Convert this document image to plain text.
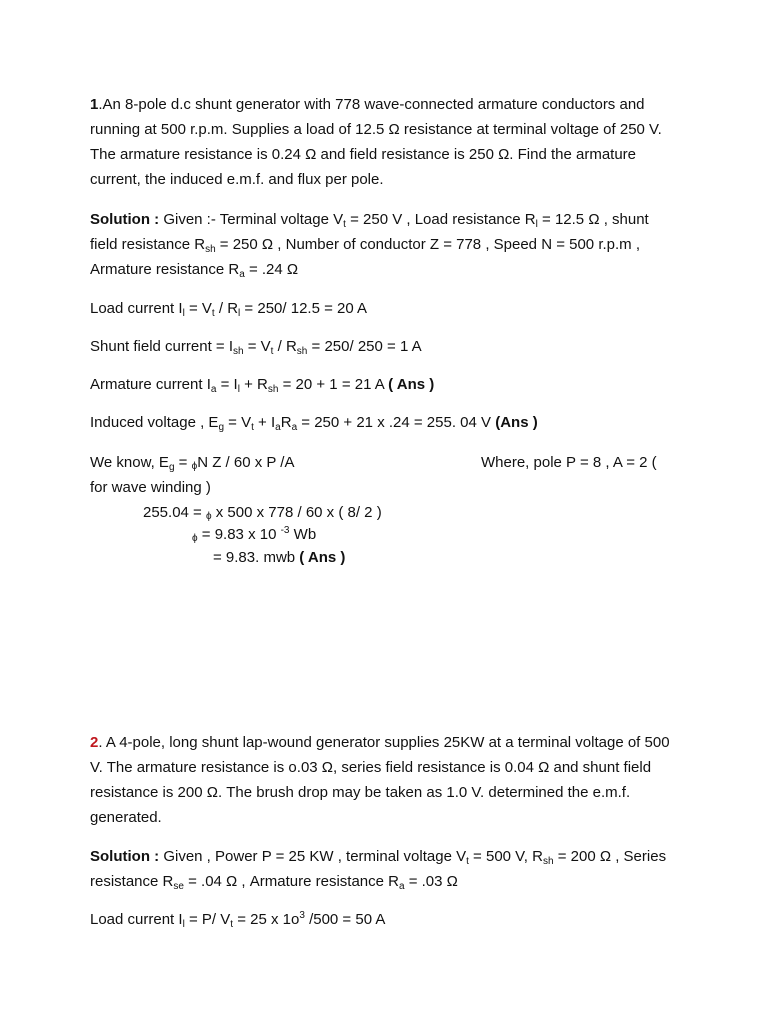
1.An 8-pole d.c shunt generator with 778 wave-connected armature conductors and running at 500 r.p.m. Supplies a load of 12.5 Ω resistance at terminal voltage of 250 V. The armature resistance is 0.24 Ω and field resistance is 250 Ω. Find the armature current, the induced e.m.f. and flux per pole.

Solution : Given :- Terminal voltage $V_t = 250$ V , Load resistance $R_l = 12.5$ Ω , shunt field resistance $R_{sh} = 250$ Ω , Number of conductor Z = 778 , Speed N = 500 r.p.m , Armature resistance $R_a = .24$ Ω

Load current $I_l = V_t / R_l = 250/$ 12.5 = 20 A

Shunt field current = $I_{sh} = V_t / R_{sh} = 250/$ 250 = 1 A

Armature current $I_a = I_l + R_{sh} = 20 + 1 = 21$ A ( Ans )

Induced voltage , $E_g = V_t + I_aR_a = 250 + 21$ x .24 = 255. 04 V (Ans )

We know, $E_g = \phi N$ Z / 60 x P /A	Where, pole P = 8 , A = 2 (

for wave winding )

255.04 = ϕ x 500 x 778 / 60 x ( 8/ 2 )

ϕ = 9.83 x 10 $^{-3}$ Wb

= 9.83. mwb ( Ans )

2. A 4-pole, long shunt lap-wound generator supplies 25KW at a terminal voltage of 500 V. The armature resistance is o.03 Ω, series field resistance is 0.04 Ω and shunt field resistance is 200 Ω. The brush drop may be taken as 1.0 V. determined the e.m.f. generated.

Solution : Given , Power P = 25 KW , terminal voltage $V_t = 500$ V, $R_{sh} = 200$ Ω , Series resistance $R_{se} = .04$ Ω , Armature resistance $R_a = .03$ Ω

Load current $I_l = P/$ $V_t = 25$ x $1o^3$ /500 = 50 A
